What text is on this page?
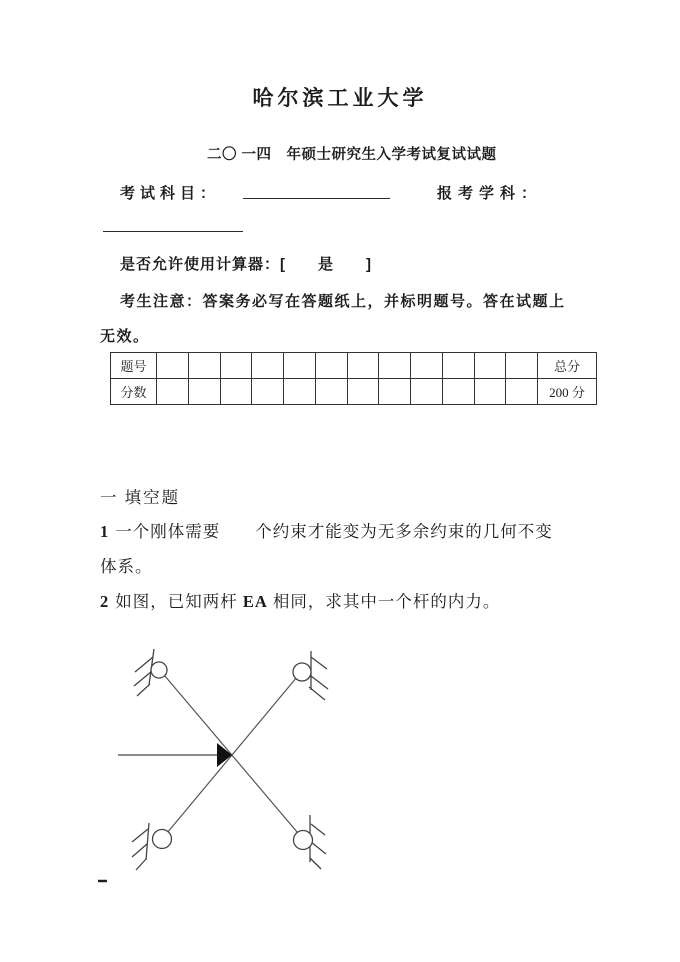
哈尔滨工业大学
二〇 一四　年硕士研究生入学考试复试试题
考试科目：	报考学科：
是否允许使用计算器：[　　是　　]
考生注意：答案务必写在答题纸上，并标明题号。答在试题上
无效。
题号													总分
分数													200 分
一 填空题
1 一个刚体需要　　个约束才能变为无多余约束的几何不变
体系。
2 如图，已知两杆 EA 相同，求其中一个杆的内力。
